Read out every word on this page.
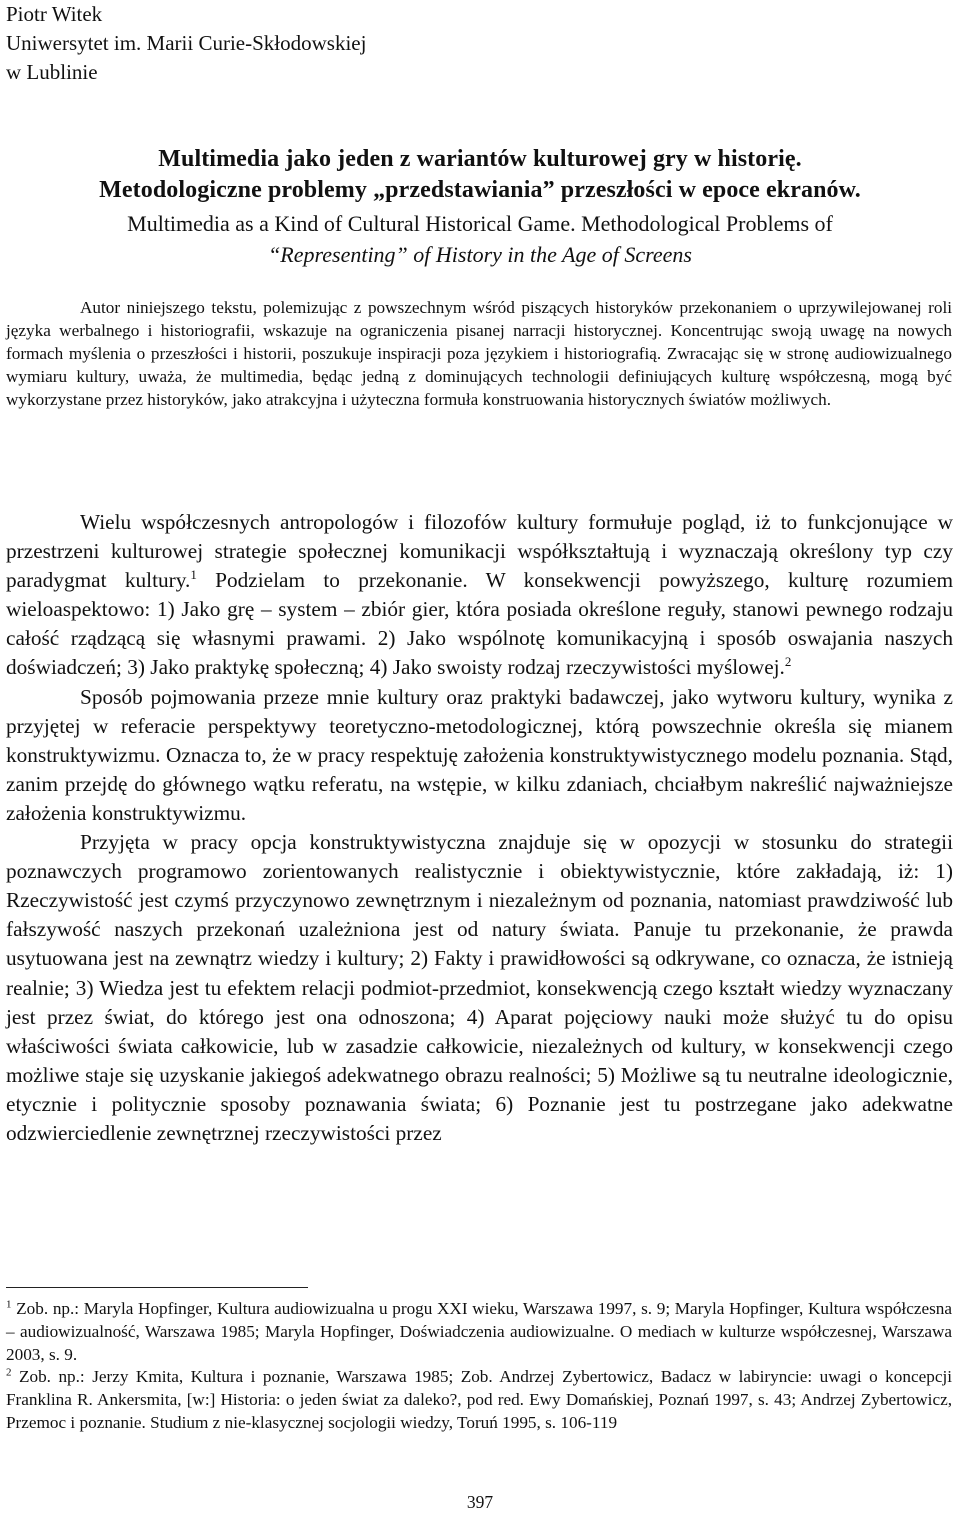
Piotr Witek
Uniwersytet im. Marii Curie-Skłodowskiej
w Lublinie
Multimedia jako jeden z wariantów kulturowej gry w historię.
Metodologiczne problemy „przedstawiania” przeszłości w epoce ekranów.
Multimedia as a Kind of Cultural Historical Game. Methodological Problems of
“Representing” of History in the Age of Screens
Autor niniejszego tekstu, polemizując z powszechnym wśród piszących historyków przekonaniem o uprzywilejowanej roli języka werbalnego i historiografii, wskazuje na ograniczenia pisanej narracji historycznej. Koncentrując swoją uwagę na nowych formach myślenia o przeszłości i historii, poszukuje inspiracji poza językiem i historiografią. Zwracając się w stronę audiowizualnego wymiaru kultury, uważa, że multimedia, będąc jedną z dominujących technologii definiujących kulturę współczesną, mogą być wykorzystane przez historyków, jako atrakcyjna i użyteczna formuła konstruowania historycznych światów możliwych.

Wielu współczesnych antropologów i filozofów kultury formułuje pogląd, iż to funkcjonujące w przestrzeni kulturowej strategie społecznej komunikacji współkształtują i wyznaczają określony typ czy paradygmat kultury.$^1$ Podzielam to przekonanie. W konsekwencji powyższego, kulturę rozumiem wieloaspektowo: 1) Jako grę – system – zbiór gier, która posiada określone reguły, stanowi pewnego rodzaju całość rządzącą się własnymi prawami. 2) Jako wspólnotę komunikacyjną i sposób oswajania naszych doświadczeń; 3) Jako praktykę społeczną; 4) Jako swoisty rodzaj rzeczywistości myślowej.$^2$

Sposób pojmowania przeze mnie kultury oraz praktyki badawczej, jako wytworu kultury, wynika z przyjętej w referacie perspektywy teoretyczno-metodologicznej, którą powszechnie określa się mianem konstruktywizmu. Oznacza to, że w pracy respektuję założenia konstruktywistycznego modelu poznania. Stąd, zanim przejdę do głównego wątku referatu, na wstępie, w kilku zdaniach, chciałbym nakreślić najważniejsze założenia konstruktywizmu.

Przyjęta w pracy opcja konstruktywistyczna znajduje się w opozycji w stosunku do strategii poznawczych programowo zorientowanych realistycznie i obiektywistycznie, które zakładają, iż: 1) Rzeczywistość jest czymś przyczynowo zewnętrznym i niezależnym od poznania, natomiast prawdziwość lub fałszywość naszych przekonań uzależniona jest od natury świata. Panuje tu przekonanie, że prawda usytuowana jest na zewnątrz wiedzy i kultury; 2) Fakty i prawidłowości są odkrywane, co oznacza, że istnieją realnie; 3) Wiedza jest tu efektem relacji podmiot-przedmiot, konsekwencją czego kształt wiedzy wyznaczany jest przez świat, do którego jest ona odnoszona; 4) Aparat pojęciowy nauki może służyć tu do opisu właściwości świata całkowicie, lub w zasadzie całkowicie, niezależnych od kultury, w konsekwencji czego możliwe staje się uzyskanie jakiegoś adekwatnego obrazu realności; 5) Możliwe są tu neutralne ideologicznie, etycznie i politycznie sposoby poznawania świata; 6) Poznanie jest tu postrzegane jako adekwatne odzwierciedlenie zewnętrznej rzeczywistości przez

$^1$ Zob. np.: Maryla Hopfinger, Kultura audiowizualna u progu XXI wieku, Warszawa 1997, s. 9; Maryla Hopfinger, Kultura współczesna – audiowizualność, Warszawa 1985; Maryla Hopfinger, Doświadczenia audiowizualne. O mediach w kulturze współczesnej, Warszawa 2003, s. 9.

$^2$ Zob. np.: Jerzy Kmita, Kultura i poznanie, Warszawa 1985; Zob. Andrzej Zybertowicz, Badacz w labiryncie: uwagi o koncepcji Franklina R. Ankersmita, [w:] Historia: o jeden świat za daleko?, pod red. Ewy Domańskiej, Poznań 1997, s. 43; Andrzej Zybertowicz, Przemoc i poznanie. Studium z nie-klasycznej socjologii wiedzy, Toruń 1995, s. 106-119

397
